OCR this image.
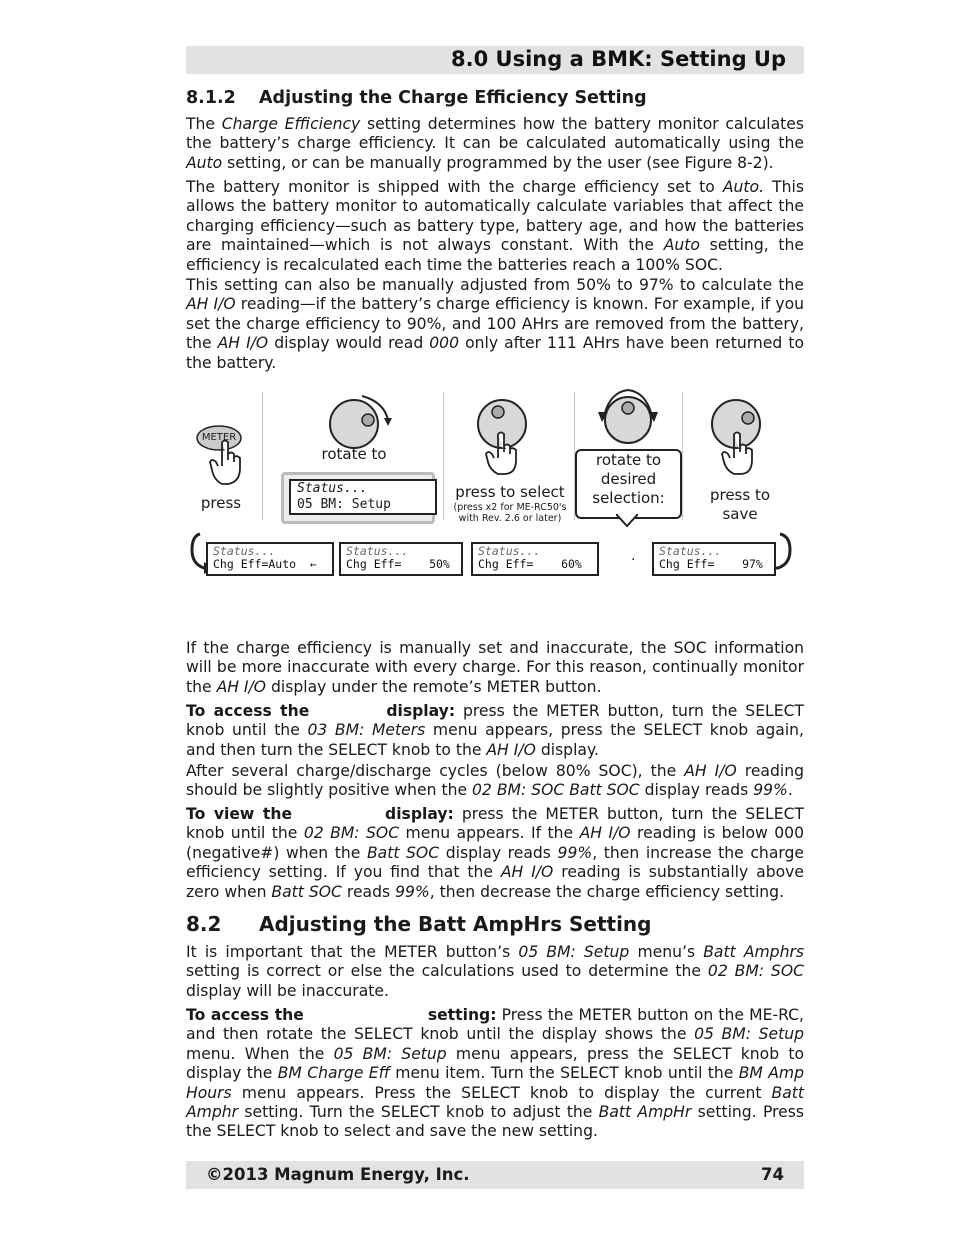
8.0 Using a BMK: Setting Up
8.1.2 Adjusting the Charge Efficiency Setting
The Charge Efficiency setting determines how the battery monitor calculates the battery’s charge efficiency. It can be calculated automatically using the Auto setting, or can be manually programmed by the user (see Figure 8-2).
The battery monitor is shipped with the charge efficiency set to Auto. This allows the battery monitor to automatically calculate variables that affect the charging efficiency—such as battery type, battery age, and how the batteries are maintained—which is not always constant. With the Auto setting, the efficiency is recalculated each time the batteries reach a 100% SOC.
This setting can also be manually adjusted from 50% to 97% to calculate the AH I/O reading—if the battery’s charge efficiency is known. For example, if you set the charge efficiency to 90%, and 100 AHrs are removed from the battery, the AH I/O display would read 000 only after 111 AHrs have been returned to the battery.
METER
press
rotate to
Status...
05 BM: Setup
press to select
(press x2 for ME-RC50's
with Rev. 2.6 or later)
rotate to
desired
selection:	press to
save
·
Status...
Chg Eff=Auto  ←
Status...
Chg Eff=    50%
Status...
Chg Eff=    60%
Status...
Chg Eff=    97%
If the charge efficiency is manually set and inaccurate, the SOC information will be more inaccurate with every charge. For this reason, continually monitor the AH I/O display under the remote’s METER button.
To access the	display: press the METER button, turn the SELECT knob until the 03 BM: Meters menu appears, press the SELECT knob again, and then turn the SELECT knob to the AH I/O display.
After several charge/discharge cycles (below 80% SOC), the AH I/O reading should be slightly positive when the 02 BM: SOC Batt SOC display reads 99%.
To view the	display: press the METER button, turn the SELECT knob until the 02 BM: SOC menu appears. If the AH I/O reading is below 000 (negative#) when the Batt SOC display reads 99%, then increase the charge efficiency setting. If you find that the AH I/O reading is substantially above zero when Batt SOC reads 99%, then decrease the charge efficiency setting.
8.2 Adjusting the Batt AmpHrs Setting
It is important that the METER button’s 05 BM: Setup menu’s Batt Amphrs setting is correct or else the calculations used to determine the 02 BM: SOC display will be inaccurate.
To access the	setting: Press the METER button on the ME-RC, and then rotate the SELECT knob until the display shows the 05 BM: Setup menu. When the 05 BM: Setup menu appears, press the SELECT knob to display the BM Charge Eff menu item. Turn the SELECT knob until the BM Amp Hours menu appears. Press the SELECT knob to display the current Batt Amphr setting. Turn the SELECT knob to adjust the Batt AmpHr setting. Press the SELECT knob to select and save the new setting.
©2013 Magnum Energy, Inc.	74
